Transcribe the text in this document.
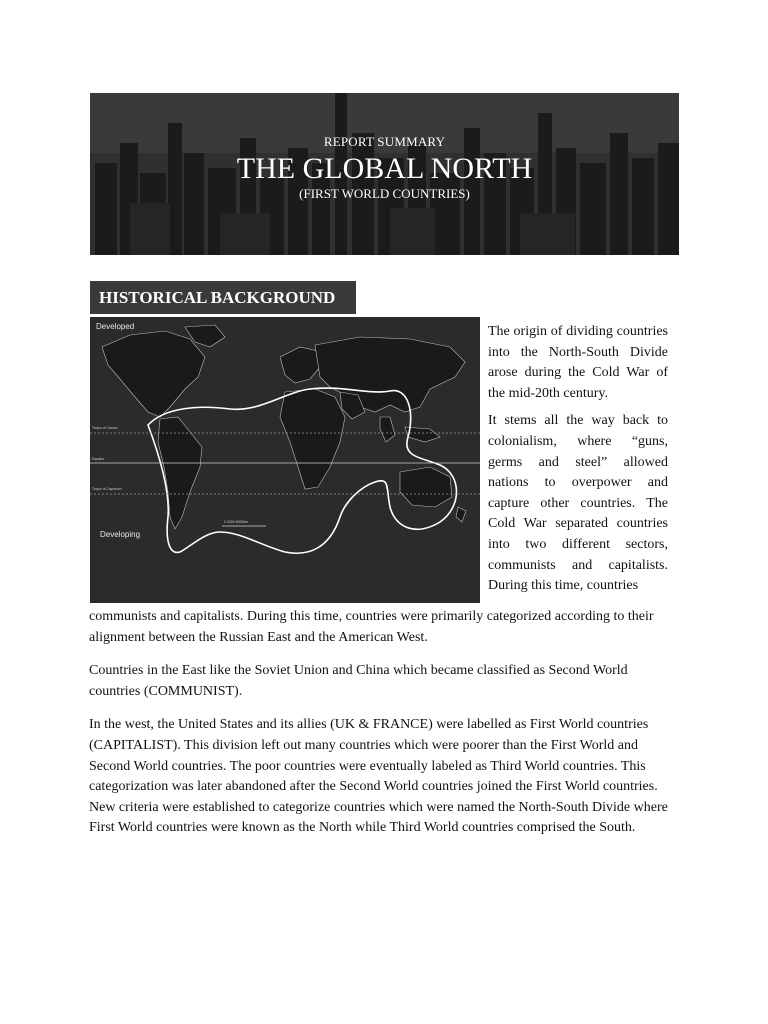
REPORT SUMMARY
THE GLOBAL NORTH
(FIRST WORLD COUNTRIES)
HISTORICAL BACKGROUND
Developed
Developing
Tropic of Cancer
Equator
Tropic of Capricorn
0 3000 6000km

The origin of dividing countries into the North-South Divide arose during the Cold War of the mid-20th century.

It stems all the way back to colonialism, where “guns, germs and steel” allowed nations to overpower and capture other countries. The Cold War separated countries into two different sectors, communists and capitalists. During this time, countries

communists and capitalists. During this time, countries were primarily categorized according to their alignment between the Russian East and the American West.

Countries in the East like the Soviet Union and China which became classified as Second World countries (COMMUNIST).

In the west, the United States and its allies (UK & FRANCE) were labelled as First World countries (CAPITALIST). This division left out many countries which were poorer than the First World and Second World countries. The poor countries were eventually labeled as Third World countries. This categorization was later abandoned after the Second World countries joined the First World countries. New criteria were established to categorize countries which were named the North-South Divide where First World countries were known as the North while Third World countries comprised the South.
